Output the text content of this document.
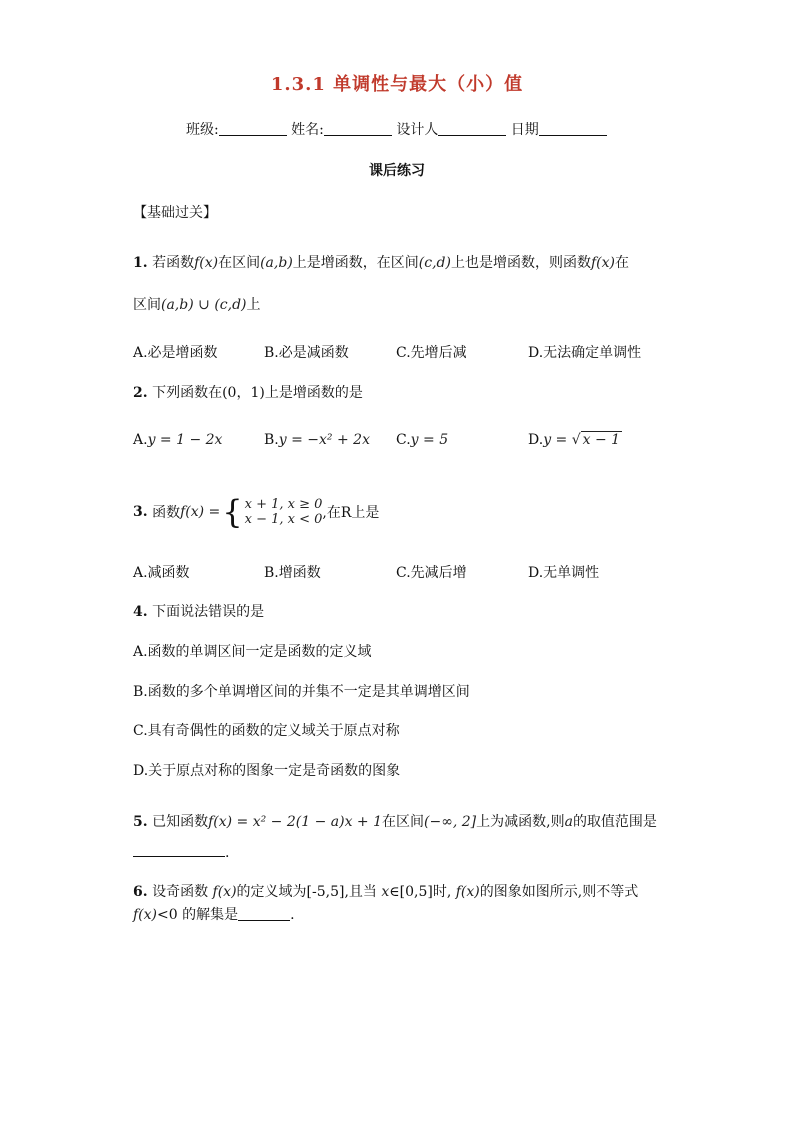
1.3.1 单调性与最大（小）值
班级:	姓名:	设计人	日期
课后练习
【基础过关】
1. 若函数f(x)在区间(a,b)上是增函数，在区间(c,d)上也是增函数，则函数f(x)在
区间(a,b) ∪ (c,d)上
A.必是增函数	B.必是减函数	C.先增后减	D.无法确定单调性
2. 下列函数在(0，1)上是增函数的是
A.y = 1 − 2x	B.y = −x² + 2x C.y = 5	D.y = √ x − 1
3. 函数f(x) ={ x + 1, x ≥ 0
x − 1, x < 0,在R上是
A.减函数	B.增函数	C.先减后增	D.无单调性
4. 下面说法错误的是
A.函数的单调区间一定是函数的定义域
B.函数的多个单调增区间的并集不一定是其单调增区间
C.具有奇偶性的函数的定义域关于原点对称
D.关于原点对称的图象一定是奇函数的图象
5. 已知函数f(x) = x² − 2(1 − a)x + 1在区间(−∞, 2]上为减函数,则a的取值范围是
.
6. 设奇函数 f(x)的定义域为[-5,5],且当 x∈[0,5]时, f(x)的图象如图所示,则不等式
f(x)<0 的解集是	.
